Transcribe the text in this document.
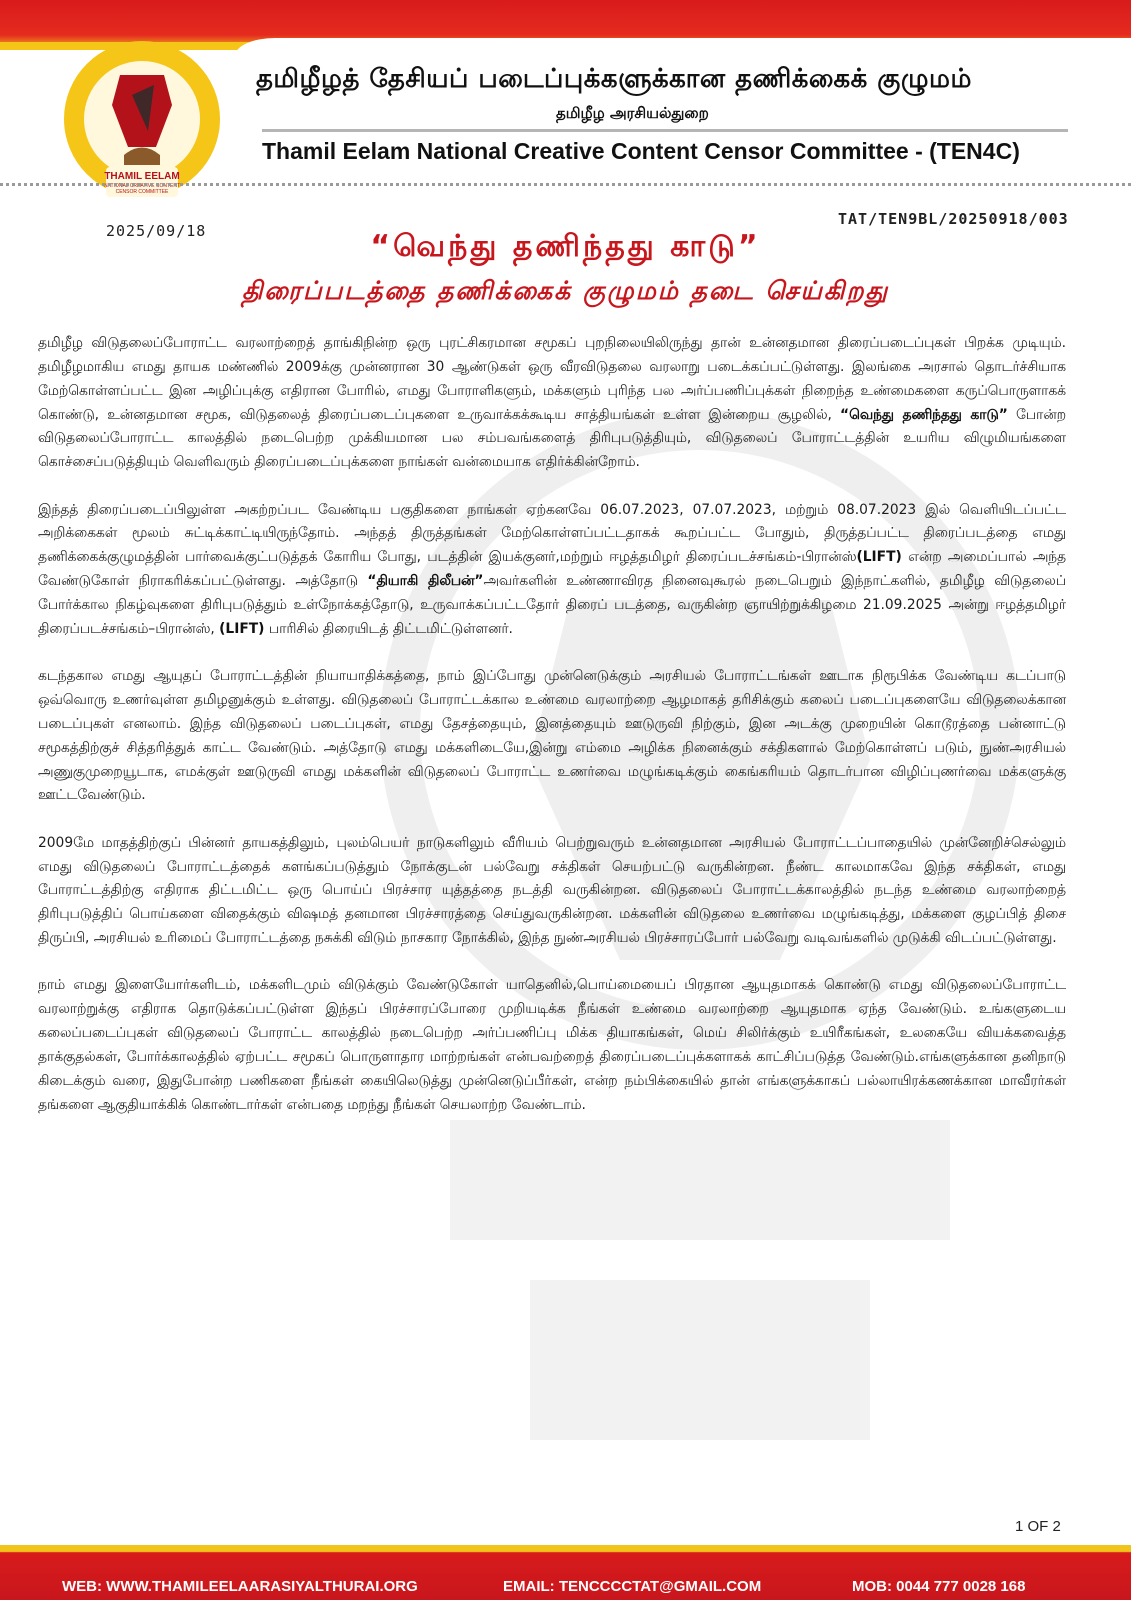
THAMIL EELAM
NATIONAL CREATIVE CONTENT
CENSOR COMMITTEE
தமிழீழத் தேசியப் படைப்புக்களுக்கான தணிக்கைக் குழுமம்
தமிழீழ அரசியல்துறை
Thamil Eelam National Creative Content Censor Committee - (TEN4C)
TAT/TEN9BL/20250918/003
2025/09/18	“வெந்து தணிந்தது காடு”
திரைப்படத்தை தணிக்கைக் குழுமம் தடை செய்கிறது

தமிழீழ விடுதலைப்போராட்ட வரலாற்றைத் தாங்கிநின்ற ஒரு புரட்சிகரமான சமூகப் புறநிலையிலிருந்து தான் உன்னதமான திரைப்படைப்புகள் பிறக்க முடியும். தமிழீழமாகிய எமது தாயக மண்ணில் 2009க்கு முன்னரான 30 ஆண்டுகள் ஒரு வீரவிடுதலை வரலாறு படைக்கப்பட்டுள்ளது. இலங்கை அரசால் தொடர்ச்சியாக மேற்கொள்ளப்பட்ட இன அழிப்புக்கு எதிரான போரில், எமது போராளிகளும், மக்களும் புரிந்த பல அர்ப்பணிப்புக்கள் நிறைந்த உண்மைகளை கருப்பொருளாகக் கொண்டு, உன்னதமான சமூக, விடுதலைத் திரைப்படைப்புகளை உருவாக்கக்கூடிய சாத்தியங்கள் உள்ள இன்றைய சூழலில், “வெந்து தணிந்தது காடு” போன்ற விடுதலைப்போராட்ட காலத்தில் நடைபெற்ற முக்கியமான பல சம்பவங்களைத் திரிபுபடுத்தியும், விடுதலைப் போராட்டத்தின் உயரிய விழுமியங்களை கொச்சைப்படுத்தியும் வெளிவரும் திரைப்படைப்புக்களை நாங்கள் வன்மையாக எதிர்க்கின்றோம்.

இந்தத் திரைப்படைப்பிலுள்ள அகற்றப்பட வேண்டிய பகுதிகளை நாங்கள் ஏற்கனவே 06.07.2023, 07.07.2023, மற்றும் 08.07.2023 இல் வெளியிடப்பட்ட அறிக்கைகள் மூலம் சுட்டிக்காட்டியிருந்தோம். அந்தத் திருத்தங்கள் மேற்கொள்ளப்பட்டதாகக் கூறப்பட்ட போதும், திருத்தப்பட்ட திரைப்படத்தை எமது தணிக்கைக்குழுமத்தின் பார்வைக்குட்படுத்தக் கோரிய போது, படத்தின் இயக்குனர்,மற்றும் ஈழத்தமிழர் திரைப்படச்சங்கம்-பிரான்ஸ்(LIFT) என்ற அமைப்பால் அந்த வேண்டுகோள் நிராகரிக்கப்பட்டுள்ளது. அத்தோடு “தியாகி திலீபன்”அவர்களின் உண்ணாவிரத நினைவுகூரல் நடைபெறும் இந்நாட்களில், தமிழீழ விடுதலைப் போர்க்கால நிகழ்வுகளை திரிபுபடுத்தும் உள்நோக்கத்தோடு, உருவாக்கப்பட்டதோர் திரைப் படத்தை, வருகின்ற ஞாயிற்றுக்கிழமை 21.09.2025 அன்று ஈழத்தமிழர் திரைப்படச்சங்கம்–பிரான்ஸ், (LIFT) பாரிசில் திரையிடத் திட்டமிட்டுள்ளனர்.

கடந்தகால எமது ஆயுதப் போராட்டத்தின் நியாயாதிக்கத்தை, நாம் இப்போது முன்னெடுக்கும் அரசியல் போராட்டங்கள் ஊடாக நிரூபிக்க வேண்டிய கடப்பாடு ஒவ்வொரு உணர்வுள்ள தமிழனுக்கும் உள்ளது. விடுதலைப் போராட்டக்கால உண்மை வரலாற்றை ஆழமாகத் தரிசிக்கும் கலைப் படைப்புகளையே விடுதலைக்கான படைப்புகள் எனலாம். இந்த விடுதலைப் படைப்புகள், எமது தேசத்தையும், இனத்தையும் ஊடுருவி நிற்கும், இன அடக்கு முறையின் கொடூரத்தை பன்னாட்டு சமூகத்திற்குச் சித்தரித்துக் காட்ட வேண்டும். அத்தோடு எமது மக்களிடையே,இன்று எம்மை அழிக்க நினைக்கும் சக்திகளால் மேற்கொள்ளப் படும், நுண்அரசியல் அணுகுமுறையூடாக, எமக்குள் ஊடுருவி எமது மக்களின் விடுதலைப் போராட்ட உணர்வை மழுங்கடிக்கும் கைங்கரியம் தொடர்பான விழிப்புணர்வை மக்களுக்கு ஊட்டவேண்டும்.

2009மே மாதத்திற்குப் பின்னர் தாயகத்திலும், புலம்பெயர் நாடுகளிலும் வீரியம் பெற்றுவரும் உன்னதமான அரசியல் போராட்டப்பாதையில் முன்னேறிச்செல்லும் எமது விடுதலைப் போராட்டத்தைக் களங்கப்படுத்தும் நோக்குடன் பல்வேறு சக்திகள் செயற்பட்டு வருகின்றன. நீண்ட காலமாகவே இந்த சக்திகள், எமது போராட்டத்திற்கு எதிராக திட்டமிட்ட ஒரு பொய்ப் பிரச்சார யுத்தத்தை நடத்தி வருகின்றன. விடுதலைப் போராட்டக்காலத்தில் நடந்த உண்மை வரலாற்றைத் திரிபுபடுத்திப் பொய்களை விதைக்கும் விஷமத் தனமான பிரச்சாரத்தை செய்துவருகின்றன. மக்களின் விடுதலை உணர்வை மழுங்கடித்து, மக்களை குழப்பித் திசை திருப்பி, அரசியல் உரிமைப் போராட்டத்தை நசுக்கி விடும் நாசகார நோக்கில், இந்த நுண்அரசியல் பிரச்சாரப்போர் பல்வேறு வடிவங்களில் முடுக்கி விடப்பட்டுள்ளது.

நாம் எமது இளையோர்களிடம், மக்களிடமும் விடுக்கும் வேண்டுகோள் யாதெனில்,பொய்மையைப் பிரதான ஆயுதமாகக் கொண்டு எமது விடுதலைப்போராட்ட வரலாற்றுக்கு எதிராக தொடுக்கப்பட்டுள்ள இந்தப் பிரச்சாரப்போரை முறியடிக்க நீங்கள் உண்மை வரலாற்றை ஆயுதமாக ஏந்த வேண்டும். உங்களுடைய கலைப்படைப்புகள் விடுதலைப் போராட்ட காலத்தில் நடைபெற்ற அர்ப்பணிப்பு மிக்க தியாகங்கள், மெய் சிலிர்க்கும் உயிரீகங்கள், உலகையே வியக்கவைத்த தாக்குதல்கள், போர்க்காலத்தில் ஏற்பட்ட சமூகப் பொருளாதார மாற்றங்கள் என்பவற்றைத் திரைப்படைப்புக்களாகக் காட்சிப்படுத்த வேண்டும்.எங்களுக்கான தனிநாடு கிடைக்கும் வரை, இதுபோன்ற பணிகளை நீங்கள் கையிலெடுத்து முன்னெடுப்பீர்கள், என்ற நம்பிக்கையில் தான் எங்களுக்காகப் பல்லாயிரக்கணக்கான மாவீரர்கள் தங்களை ஆகுதியாக்கிக் கொண்டார்கள் என்பதை மறந்து நீங்கள் செயலாற்ற வேண்டாம்.

1 OF 2
WEB: WWW.THAMILEELAARASIYALTHURAI.ORG	EMAIL: TENCCCCTAT@GMAIL.COM	MOB: 0044 777 0028 168
